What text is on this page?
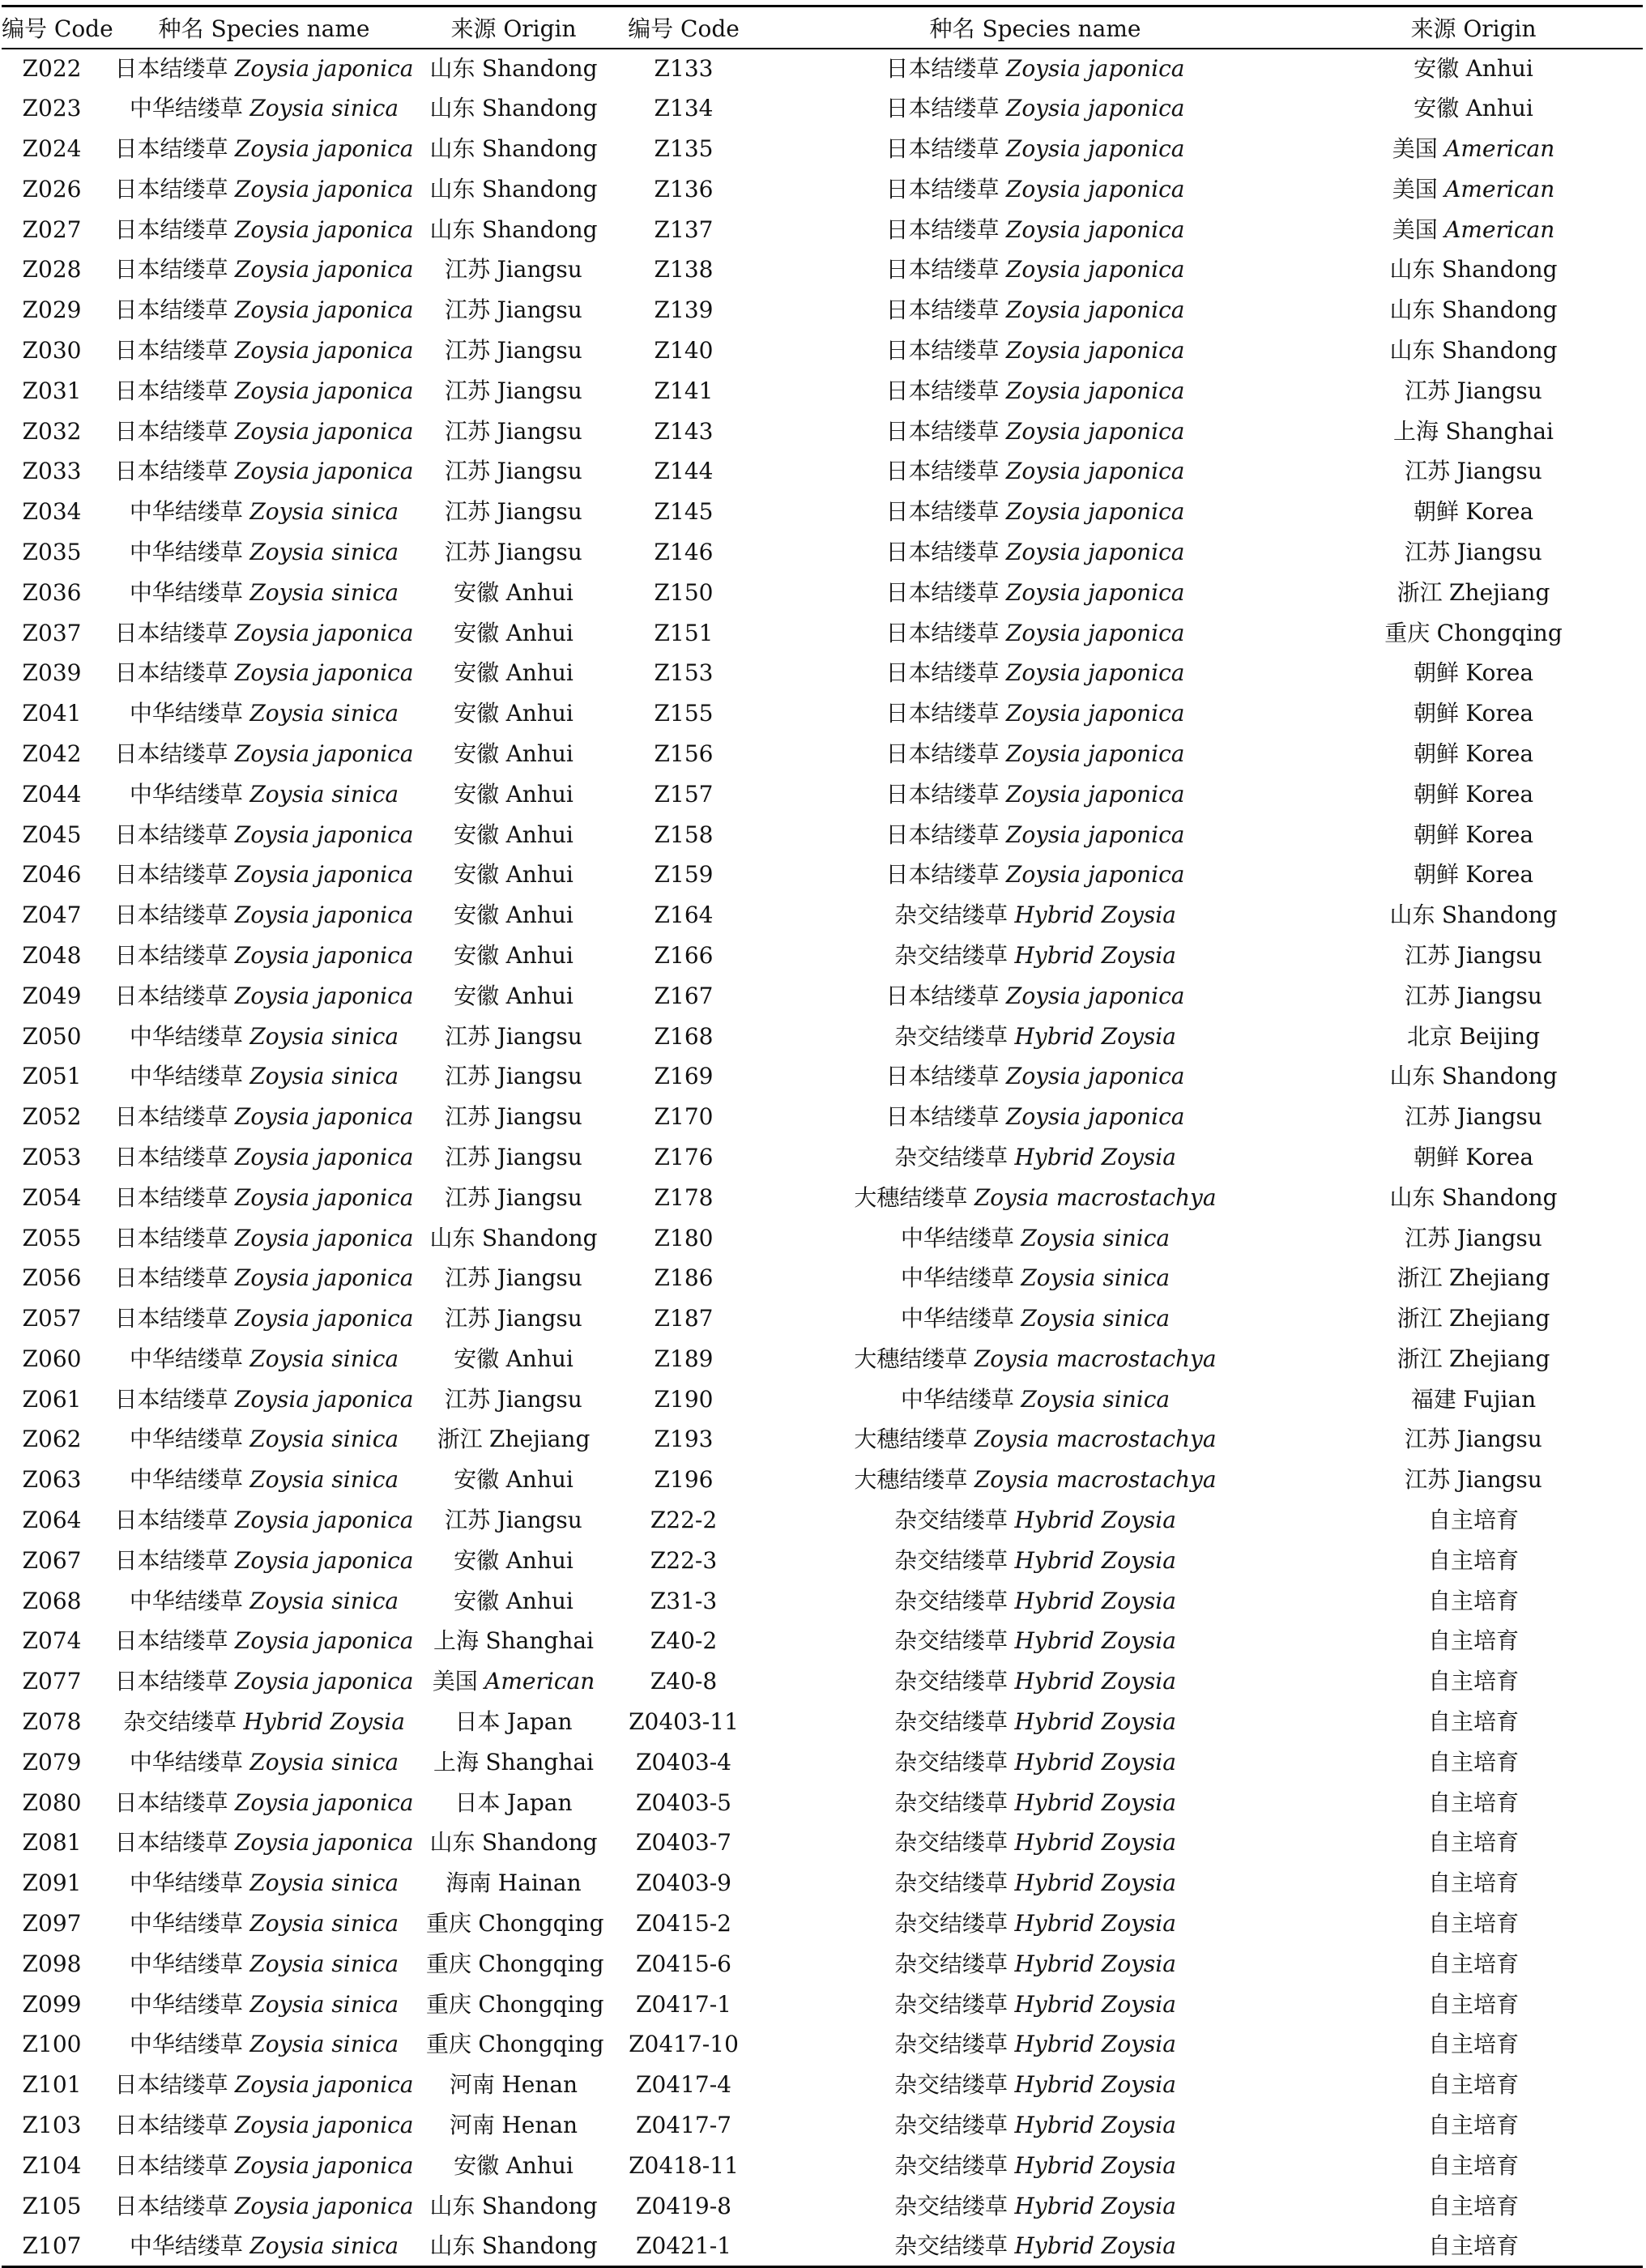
编号 Code	种名 Species name	来源 Origin	编号 Code	种名 Species name	来源 Origin
Z022	日本结缕草 Zoysia japonica	山东 Shandong	Z133	日本结缕草 Zoysia japonica	安徽 Anhui
Z023	中华结缕草 Zoysia sinica	山东 Shandong	Z134	日本结缕草 Zoysia japonica	安徽 Anhui
Z024	日本结缕草 Zoysia japonica	山东 Shandong	Z135	日本结缕草 Zoysia japonica	美国 American
Z026	日本结缕草 Zoysia japonica	山东 Shandong	Z136	日本结缕草 Zoysia japonica	美国 American
Z027	日本结缕草 Zoysia japonica	山东 Shandong	Z137	日本结缕草 Zoysia japonica	美国 American
Z028	日本结缕草 Zoysia japonica	江苏 Jiangsu	Z138	日本结缕草 Zoysia japonica	山东 Shandong
Z029	日本结缕草 Zoysia japonica	江苏 Jiangsu	Z139	日本结缕草 Zoysia japonica	山东 Shandong
Z030	日本结缕草 Zoysia japonica	江苏 Jiangsu	Z140	日本结缕草 Zoysia japonica	山东 Shandong
Z031	日本结缕草 Zoysia japonica	江苏 Jiangsu	Z141	日本结缕草 Zoysia japonica	江苏 Jiangsu
Z032	日本结缕草 Zoysia japonica	江苏 Jiangsu	Z143	日本结缕草 Zoysia japonica	上海 Shanghai
Z033	日本结缕草 Zoysia japonica	江苏 Jiangsu	Z144	日本结缕草 Zoysia japonica	江苏 Jiangsu
Z034	中华结缕草 Zoysia sinica	江苏 Jiangsu	Z145	日本结缕草 Zoysia japonica	朝鲜 Korea
Z035	中华结缕草 Zoysia sinica	江苏 Jiangsu	Z146	日本结缕草 Zoysia japonica	江苏 Jiangsu
Z036	中华结缕草 Zoysia sinica	安徽 Anhui	Z150	日本结缕草 Zoysia japonica	浙江 Zhejiang
Z037	日本结缕草 Zoysia japonica	安徽 Anhui	Z151	日本结缕草 Zoysia japonica	重庆 Chongqing
Z039	日本结缕草 Zoysia japonica	安徽 Anhui	Z153	日本结缕草 Zoysia japonica	朝鲜 Korea
Z041	中华结缕草 Zoysia sinica	安徽 Anhui	Z155	日本结缕草 Zoysia japonica	朝鲜 Korea
Z042	日本结缕草 Zoysia japonica	安徽 Anhui	Z156	日本结缕草 Zoysia japonica	朝鲜 Korea
Z044	中华结缕草 Zoysia sinica	安徽 Anhui	Z157	日本结缕草 Zoysia japonica	朝鲜 Korea
Z045	日本结缕草 Zoysia japonica	安徽 Anhui	Z158	日本结缕草 Zoysia japonica	朝鲜 Korea
Z046	日本结缕草 Zoysia japonica	安徽 Anhui	Z159	日本结缕草 Zoysia japonica	朝鲜 Korea
Z047	日本结缕草 Zoysia japonica	安徽 Anhui	Z164	杂交结缕草 Hybrid Zoysia	山东 Shandong
Z048	日本结缕草 Zoysia japonica	安徽 Anhui	Z166	杂交结缕草 Hybrid Zoysia	江苏 Jiangsu
Z049	日本结缕草 Zoysia japonica	安徽 Anhui	Z167	日本结缕草 Zoysia japonica	江苏 Jiangsu
Z050	中华结缕草 Zoysia sinica	江苏 Jiangsu	Z168	杂交结缕草 Hybrid Zoysia	北京 Beijing
Z051	中华结缕草 Zoysia sinica	江苏 Jiangsu	Z169	日本结缕草 Zoysia japonica	山东 Shandong
Z052	日本结缕草 Zoysia japonica	江苏 Jiangsu	Z170	日本结缕草 Zoysia japonica	江苏 Jiangsu
Z053	日本结缕草 Zoysia japonica	江苏 Jiangsu	Z176	杂交结缕草 Hybrid Zoysia	朝鲜 Korea
Z054	日本结缕草 Zoysia japonica	江苏 Jiangsu	Z178	大穗结缕草 Zoysia macrostachya	山东 Shandong
Z055	日本结缕草 Zoysia japonica	山东 Shandong	Z180	中华结缕草 Zoysia sinica	江苏 Jiangsu
Z056	日本结缕草 Zoysia japonica	江苏 Jiangsu	Z186	中华结缕草 Zoysia sinica	浙江 Zhejiang
Z057	日本结缕草 Zoysia japonica	江苏 Jiangsu	Z187	中华结缕草 Zoysia sinica	浙江 Zhejiang
Z060	中华结缕草 Zoysia sinica	安徽 Anhui	Z189	大穗结缕草 Zoysia macrostachya	浙江 Zhejiang
Z061	日本结缕草 Zoysia japonica	江苏 Jiangsu	Z190	中华结缕草 Zoysia sinica	福建 Fujian
Z062	中华结缕草 Zoysia sinica	浙江 Zhejiang	Z193	大穗结缕草 Zoysia macrostachya	江苏 Jiangsu
Z063	中华结缕草 Zoysia sinica	安徽 Anhui	Z196	大穗结缕草 Zoysia macrostachya	江苏 Jiangsu
Z064	日本结缕草 Zoysia japonica	江苏 Jiangsu	Z22-2	杂交结缕草 Hybrid Zoysia	自主培育
Z067	日本结缕草 Zoysia japonica	安徽 Anhui	Z22-3	杂交结缕草 Hybrid Zoysia	自主培育
Z068	中华结缕草 Zoysia sinica	安徽 Anhui	Z31-3	杂交结缕草 Hybrid Zoysia	自主培育
Z074	日本结缕草 Zoysia japonica	上海 Shanghai	Z40-2	杂交结缕草 Hybrid Zoysia	自主培育
Z077	日本结缕草 Zoysia japonica	美国 American	Z40-8	杂交结缕草 Hybrid Zoysia	自主培育
Z078	杂交结缕草 Hybrid Zoysia	日本 Japan	Z0403-11	杂交结缕草 Hybrid Zoysia	自主培育
Z079	中华结缕草 Zoysia sinica	上海 Shanghai	Z0403-4	杂交结缕草 Hybrid Zoysia	自主培育
Z080	日本结缕草 Zoysia japonica	日本 Japan	Z0403-5	杂交结缕草 Hybrid Zoysia	自主培育
Z081	日本结缕草 Zoysia japonica	山东 Shandong	Z0403-7	杂交结缕草 Hybrid Zoysia	自主培育
Z091	中华结缕草 Zoysia sinica	海南 Hainan	Z0403-9	杂交结缕草 Hybrid Zoysia	自主培育
Z097	中华结缕草 Zoysia sinica	重庆 Chongqing	Z0415-2	杂交结缕草 Hybrid Zoysia	自主培育
Z098	中华结缕草 Zoysia sinica	重庆 Chongqing	Z0415-6	杂交结缕草 Hybrid Zoysia	自主培育
Z099	中华结缕草 Zoysia sinica	重庆 Chongqing	Z0417-1	杂交结缕草 Hybrid Zoysia	自主培育
Z100	中华结缕草 Zoysia sinica	重庆 Chongqing	Z0417-10	杂交结缕草 Hybrid Zoysia	自主培育
Z101	日本结缕草 Zoysia japonica	河南 Henan	Z0417-4	杂交结缕草 Hybrid Zoysia	自主培育
Z103	日本结缕草 Zoysia japonica	河南 Henan	Z0417-7	杂交结缕草 Hybrid Zoysia	自主培育
Z104	日本结缕草 Zoysia japonica	安徽 Anhui	Z0418-11	杂交结缕草 Hybrid Zoysia	自主培育
Z105	日本结缕草 Zoysia japonica	山东 Shandong	Z0419-8	杂交结缕草 Hybrid Zoysia	自主培育
Z107	中华结缕草 Zoysia sinica	山东 Shandong	Z0421-1	杂交结缕草 Hybrid Zoysia	自主培育
